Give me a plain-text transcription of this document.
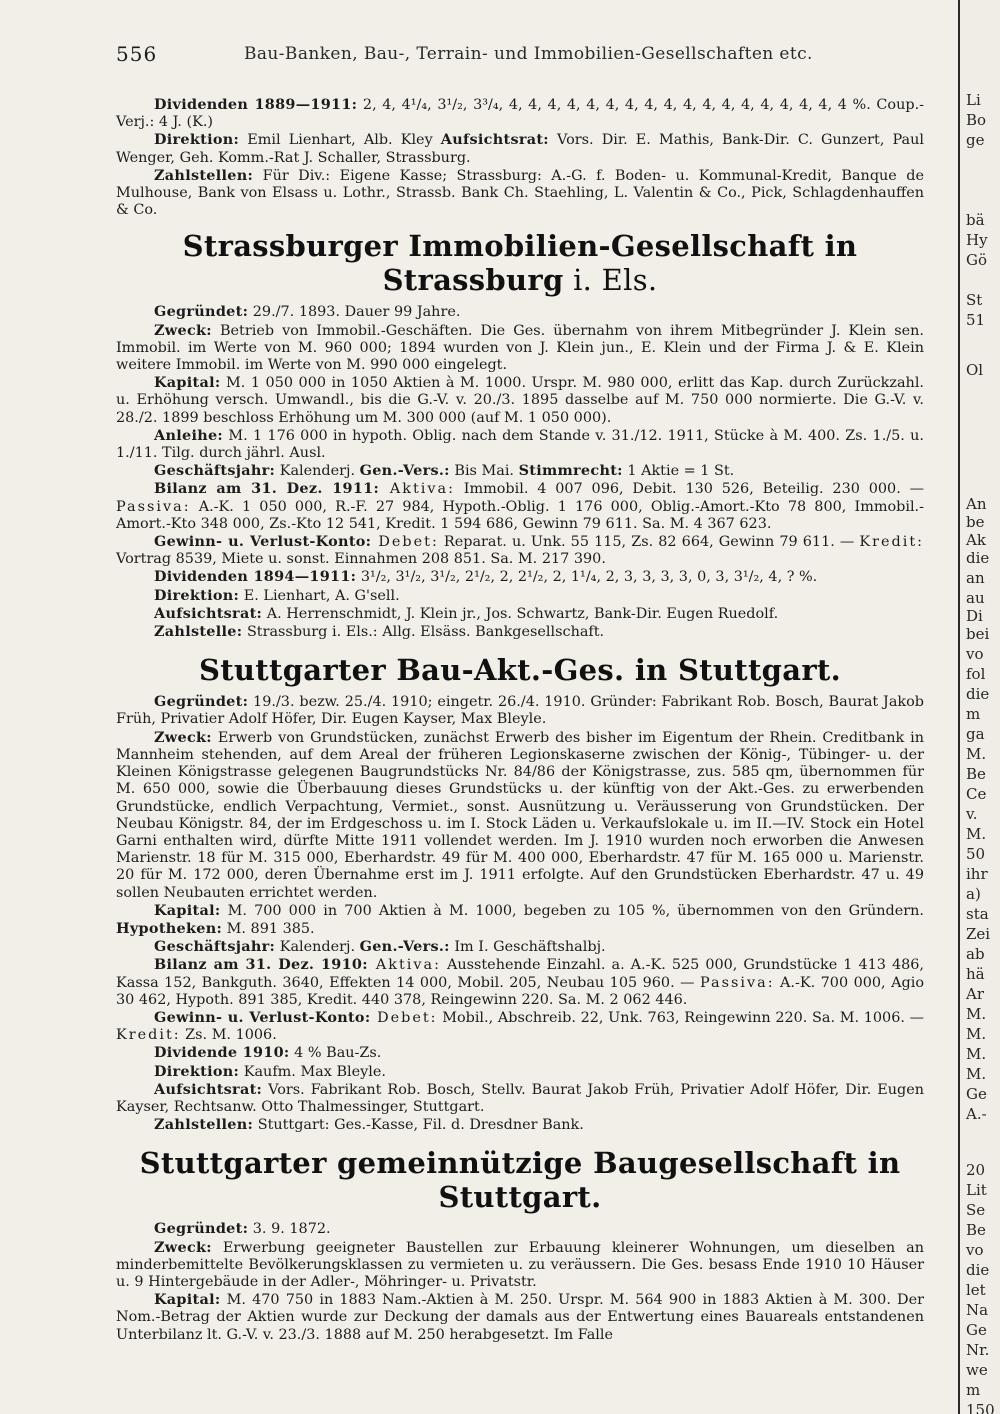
556	Bau-Banken, Bau-, Terrain- und Immobilien-Gesellschaften etc.

Dividenden 1889—1911: 2, 4, 4¹/₄, 3¹/₂, 3³/₄, 4, 4, 4, 4, 4, 4, 4, 4, 4, 4, 4, 4, 4, 4, 4, 4, 4, 4 %. Coup.-Verj.: 4 J. (K.)

Direktion: Emil Lienhart, Alb. Kley Aufsichtsrat: Vors. Dir. E. Mathis, Bank-Dir. C. Gunzert, Paul Wenger, Geh. Komm.-Rat J. Schaller, Strassburg.

Zahlstellen: Für Div.: Eigene Kasse; Strassburg: A.-G. f. Boden- u. Kommunal-Kredit, Banque de Mulhouse, Bank von Elsass u. Lothr., Strassb. Bank Ch. Staehling, L. Valentin & Co., Pick, Schlagdenhauffen & Co.

Strassburger Immobilien-Gesellschaft in Strassburg i. Els.

Gegründet: 29./7. 1893. Dauer 99 Jahre.

Zweck: Betrieb von Immobil.-Geschäften. Die Ges. übernahm von ihrem Mitbegründer J. Klein sen. Immobil. im Werte von M. 960 000; 1894 wurden von J. Klein jun., E. Klein und der Firma J. & E. Klein weitere Immobil. im Werte von M. 990 000 eingelegt.

Kapital: M. 1 050 000 in 1050 Aktien à M. 1000. Urspr. M. 980 000, erlitt das Kap. durch Zurückzahl. u. Erhöhung versch. Umwandl., bis die G.-V. v. 20./3. 1895 dasselbe auf M. 750 000 normierte. Die G.-V. v. 28./2. 1899 beschloss Erhöhung um M. 300 000 (auf M. 1 050 000).

Anleihe: M. 1 176 000 in hypoth. Oblig. nach dem Stande v. 31./12. 1911, Stücke à M. 400. Zs. 1./5. u. 1./11. Tilg. durch jährl. Ausl.

Geschäftsjahr: Kalenderj. Gen.-Vers.: Bis Mai. Stimmrecht: 1 Aktie = 1 St.

Bilanz am 31. Dez. 1911: Aktiva: Immobil. 4 007 096, Debit. 130 526, Beteilig. 230 000. — Passiva: A.-K. 1 050 000, R.-F. 27 984, Hypoth.-Oblig. 1 176 000, Oblig.-Amort.-Kto 78 800, Immobil.-Amort.-Kto 348 000, Zs.-Kto 12 541, Kredit. 1 594 686, Gewinn 79 611. Sa. M. 4 367 623.

Gewinn- u. Verlust-Konto: Debet: Reparat. u. Unk. 55 115, Zs. 82 664, Gewinn 79 611. — Kredit: Vortrag 8539, Miete u. sonst. Einnahmen 208 851. Sa. M. 217 390.

Dividenden 1894—1911: 3¹/₂, 3¹/₂, 3¹/₂, 2¹/₂, 2, 2¹/₂, 2, 1¹/₄, 2, 3, 3, 3, 3, 0, 3, 3¹/₂, 4, ? %.

Direktion: E. Lienhart, A. G'sell.

Aufsichtsrat: A. Herrenschmidt, J. Klein jr., Jos. Schwartz, Bank-Dir. Eugen Ruedolf.

Zahlstelle: Strassburg i. Els.: Allg. Elsäss. Bankgesellschaft.

Stuttgarter Bau-Akt.-Ges. in Stuttgart.

Gegründet: 19./3. bezw. 25./4. 1910; eingetr. 26./4. 1910. Gründer: Fabrikant Rob. Bosch, Baurat Jakob Früh, Privatier Adolf Höfer, Dir. Eugen Kayser, Max Bleyle.

Zweck: Erwerb von Grundstücken, zunächst Erwerb des bisher im Eigentum der Rhein. Creditbank in Mannheim stehenden, auf dem Areal der früheren Legionskaserne zwischen der König-, Tübinger- u. der Kleinen Königstrasse gelegenen Baugrundstücks Nr. 84/86 der Königstrasse, zus. 585 qm, übernommen für M. 650 000, sowie die Überbauung dieses Grundstücks u. der künftig von der Akt.-Ges. zu erwerbenden Grundstücke, endlich Verpachtung, Vermiet., sonst. Ausnützung u. Veräusserung von Grundstücken. Der Neubau Königstr. 84, der im Erdgeschoss u. im I. Stock Läden u. Verkaufslokale u. im II.—IV. Stock ein Hotel Garni enthalten wird, dürfte Mitte 1911 vollendet werden. Im J. 1910 wurden noch erworben die Anwesen Marienstr. 18 für M. 315 000, Eberhardstr. 49 für M. 400 000, Eberhardstr. 47 für M. 165 000 u. Marienstr. 20 für M. 172 000, deren Übernahme erst im J. 1911 erfolgte. Auf den Grundstücken Eberhardstr. 47 u. 49 sollen Neubauten errichtet werden.

Kapital: M. 700 000 in 700 Aktien à M. 1000, begeben zu 105 %, übernommen von den Gründern. Hypotheken: M. 891 385.

Geschäftsjahr: Kalenderj. Gen.-Vers.: Im I. Geschäftshalbj.

Bilanz am 31. Dez. 1910: Aktiva: Ausstehende Einzahl. a. A.-K. 525 000, Grundstücke 1 413 486, Kassa 152, Bankguth. 3640, Effekten 14 000, Mobil. 205, Neubau 105 960. — Passiva: A.-K. 700 000, Agio 30 462, Hypoth. 891 385, Kredit. 440 378, Reingewinn 220. Sa. M. 2 062 446.

Gewinn- u. Verlust-Konto: Debet: Mobil., Abschreib. 22, Unk. 763, Reingewinn 220. Sa. M. 1006. — Kredit: Zs. M. 1006.

Dividende 1910: 4 % Bau-Zs.

Direktion: Kaufm. Max Bleyle.

Aufsichtsrat: Vors. Fabrikant Rob. Bosch, Stellv. Baurat Jakob Früh, Privatier Adolf Höfer, Dir. Eugen Kayser, Rechtsanw. Otto Thalmessinger, Stuttgart.

Zahlstellen: Stuttgart: Ges.-Kasse, Fil. d. Dresdner Bank.

Stuttgarter gemeinnützige Baugesellschaft in Stuttgart.

Gegründet: 3. 9. 1872.

Zweck: Erwerbung geeigneter Baustellen zur Erbauung kleinerer Wohnungen, um dieselben an minderbemittelte Bevölkerungsklassen zu vermieten u. zu veräussern. Die Ges. besass Ende 1910 10 Häuser u. 9 Hintergebäude in der Adler-, Möhringer- u. Privatstr.

Kapital: M. 470 750 in 1883 Nam.-Aktien à M. 250. Urspr. M. 564 900 in 1883 Aktien à M. 300. Der Nom.-Betrag der Aktien wurde zur Deckung der damals aus der Entwertung eines Bauareals entstandenen Unterbilanz lt. G.-V. v. 23./3. 1888 auf M. 250 herabgesetzt. Im Falle

Li
Bo
ge
bä
Hy
Gö
St
51
Ol
An
be
Ak
die
an
au
Di
bei
vo
fol
die
m
ga
M.
Be
Ce
v.
M.
50
ihr
a)
sta
Zei
ab
hä
Ar
M.
M.
M.
M.
Ge
A.-
20
Lit
Se
Be
vo
die
let
Na
Ge
Nr.
we
m
150
